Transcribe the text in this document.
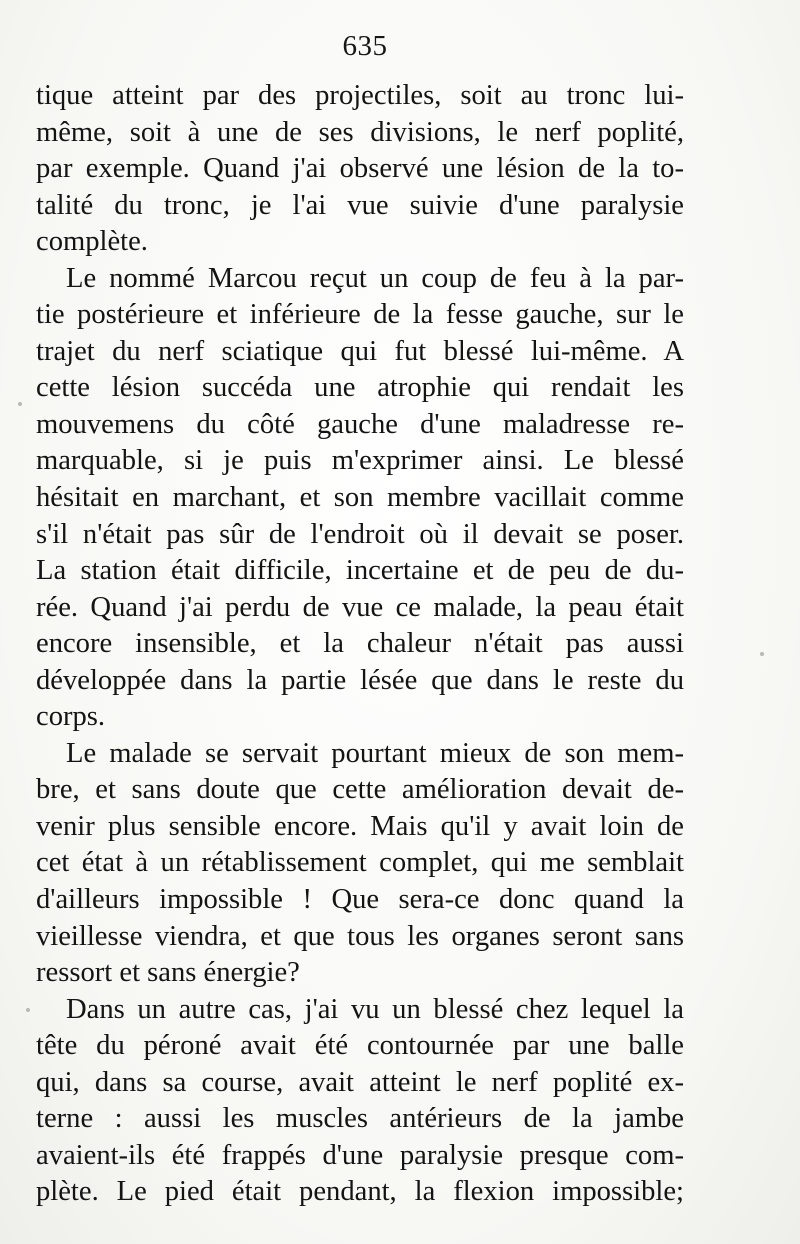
635
tique atteint par des projectiles, soit au tronc lui-
même, soit à une de ses divisions, le nerf poplité,
par exemple. Quand j'ai observé une lésion de la to-
talité du tronc, je l'ai vue suivie d'une paralysie
complète.
Le nommé Marcou reçut un coup de feu à la par-
tie postérieure et inférieure de la fesse gauche, sur le
trajet du nerf sciatique qui fut blessé lui-même. A
cette lésion succéda une atrophie qui rendait les
mouvemens du côté gauche d'une maladresse re-
marquable, si je puis m'exprimer ainsi. Le blessé
hésitait en marchant, et son membre vacillait comme
s'il n'était pas sûr de l'endroit où il devait se poser.
La station était difficile, incertaine et de peu de du-
rée. Quand j'ai perdu de vue ce malade, la peau était
encore insensible, et la chaleur n'était pas aussi
développée dans la partie lésée que dans le reste du
corps.
Le malade se servait pourtant mieux de son mem-
bre, et sans doute que cette amélioration devait de-
venir plus sensible encore. Mais qu'il y avait loin de
cet état à un rétablissement complet, qui me semblait
d'ailleurs impossible ! Que sera-ce donc quand la
vieillesse viendra, et que tous les organes seront sans
ressort et sans énergie?
Dans un autre cas, j'ai vu un blessé chez lequel la
tête du péroné avait été contournée par une balle
qui, dans sa course, avait atteint le nerf poplité ex-
terne : aussi les muscles antérieurs de la jambe
avaient-ils été frappés d'une paralysie presque com-
plète. Le pied était pendant, la flexion impossible;
